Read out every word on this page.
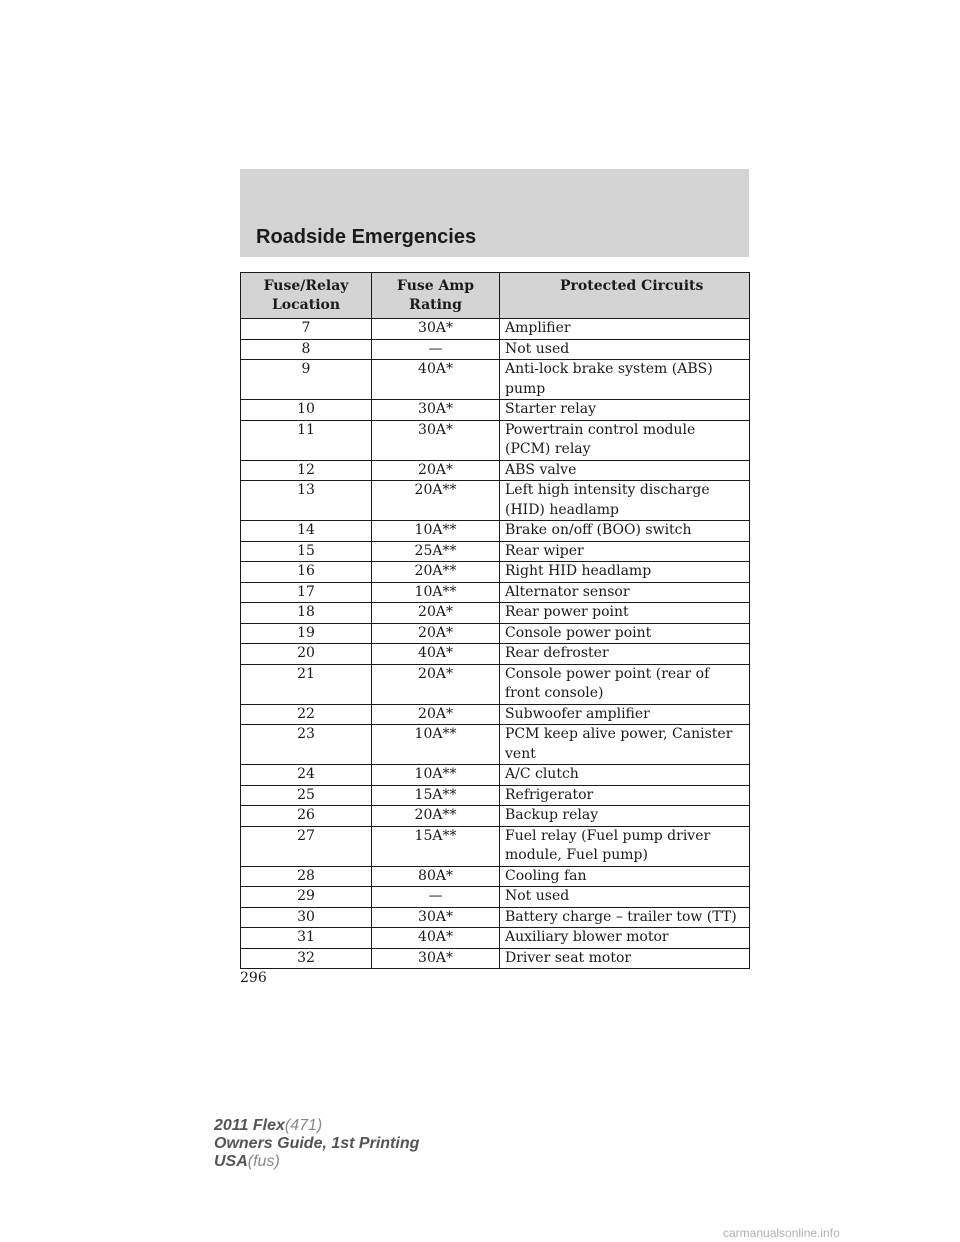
Roadside Emergencies
Fuse/Relay Location	Fuse Amp Rating	Protected Circuits
7	30A*	Amplifier
8	—	Not used
9	40A*	Anti-lock brake system (ABS) pump
10	30A*	Starter relay
11	30A*	Powertrain control module (PCM) relay
12	20A*	ABS valve
13	20A**	Left high intensity discharge (HID) headlamp
14	10A**	Brake on/off (BOO) switch
15	25A**	Rear wiper
16	20A**	Right HID headlamp
17	10A**	Alternator sensor
18	20A*	Rear power point
19	20A*	Console power point
20	40A*	Rear defroster
21	20A*	Console power point (rear of front console)
22	20A*	Subwoofer amplifier
23	10A**	PCM keep alive power, Canister vent
24	10A**	A/C clutch
25	15A**	Refrigerator
26	20A**	Backup relay
27	15A**	Fuel relay (Fuel pump driver module, Fuel pump)
28	80A*	Cooling fan
29	—	Not used
30	30A*	Battery charge – trailer tow (TT)
31	40A*	Auxiliary blower motor
32	30A*	Driver seat motor
296
2011 Flex(471)
Owners Guide, 1st Printing
USA(fus)
carmanualsonline.info
